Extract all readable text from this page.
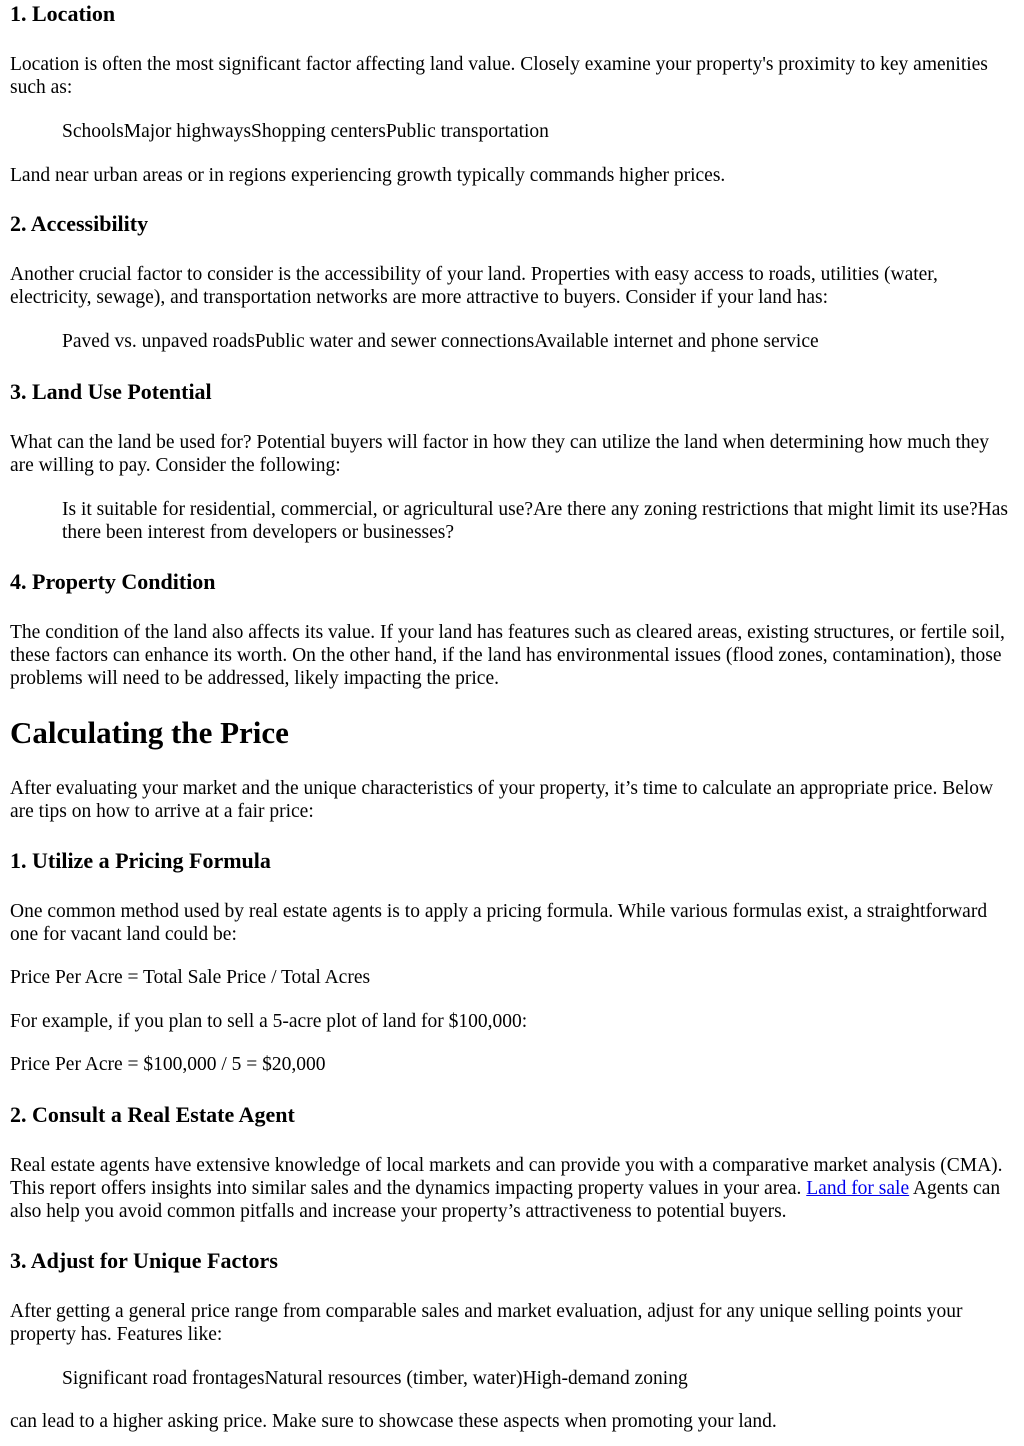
1. Location

Location is often the most significant factor affecting land value. Closely examine your property's proximity to key amenities such as:

SchoolsMajor highwaysShopping centersPublic transportation

Land near urban areas or in regions experiencing growth typically commands higher prices.

2. Accessibility

Another crucial factor to consider is the accessibility of your land. Properties with easy access to roads, utilities (water, electricity, sewage), and transportation networks are more attractive to buyers. Consider if your land has:

Paved vs. unpaved roadsPublic water and sewer connectionsAvailable internet and phone service

3. Land Use Potential

What can the land be used for? Potential buyers will factor in how they can utilize the land when determining how much they are willing to pay. Consider the following:

Is it suitable for residential, commercial, or agricultural use?Are there any zoning restrictions that might limit its use?Has there been interest from developers or businesses?

4. Property Condition

The condition of the land also affects its value. If your land has features such as cleared areas, existing structures, or fertile soil, these factors can enhance its worth. On the other hand, if the land has environmental issues (flood zones, contamination), those problems will need to be addressed, likely impacting the price.

Calculating the Price

After evaluating your market and the unique characteristics of your property, it’s time to calculate an appropriate price. Below are tips on how to arrive at a fair price:

1. Utilize a Pricing Formula

One common method used by real estate agents is to apply a pricing formula. While various formulas exist, a straightforward one for vacant land could be:

Price Per Acre = Total Sale Price / Total Acres

For example, if you plan to sell a 5-acre plot of land for $100,000:

Price Per Acre = $100,000 / 5 = $20,000

2. Consult a Real Estate Agent

Real estate agents have extensive knowledge of local markets and can provide you with a comparative market analysis (CMA). This report offers insights into similar sales and the dynamics impacting property values in your area. Land for sale Agents can also help you avoid common pitfalls and increase your property’s attractiveness to potential buyers.

3. Adjust for Unique Factors

After getting a general price range from comparable sales and market evaluation, adjust for any unique selling points your property has. Features like:

Significant road frontagesNatural resources (timber, water)High-demand zoning

can lead to a higher asking price. Make sure to showcase these aspects when promoting your land.
